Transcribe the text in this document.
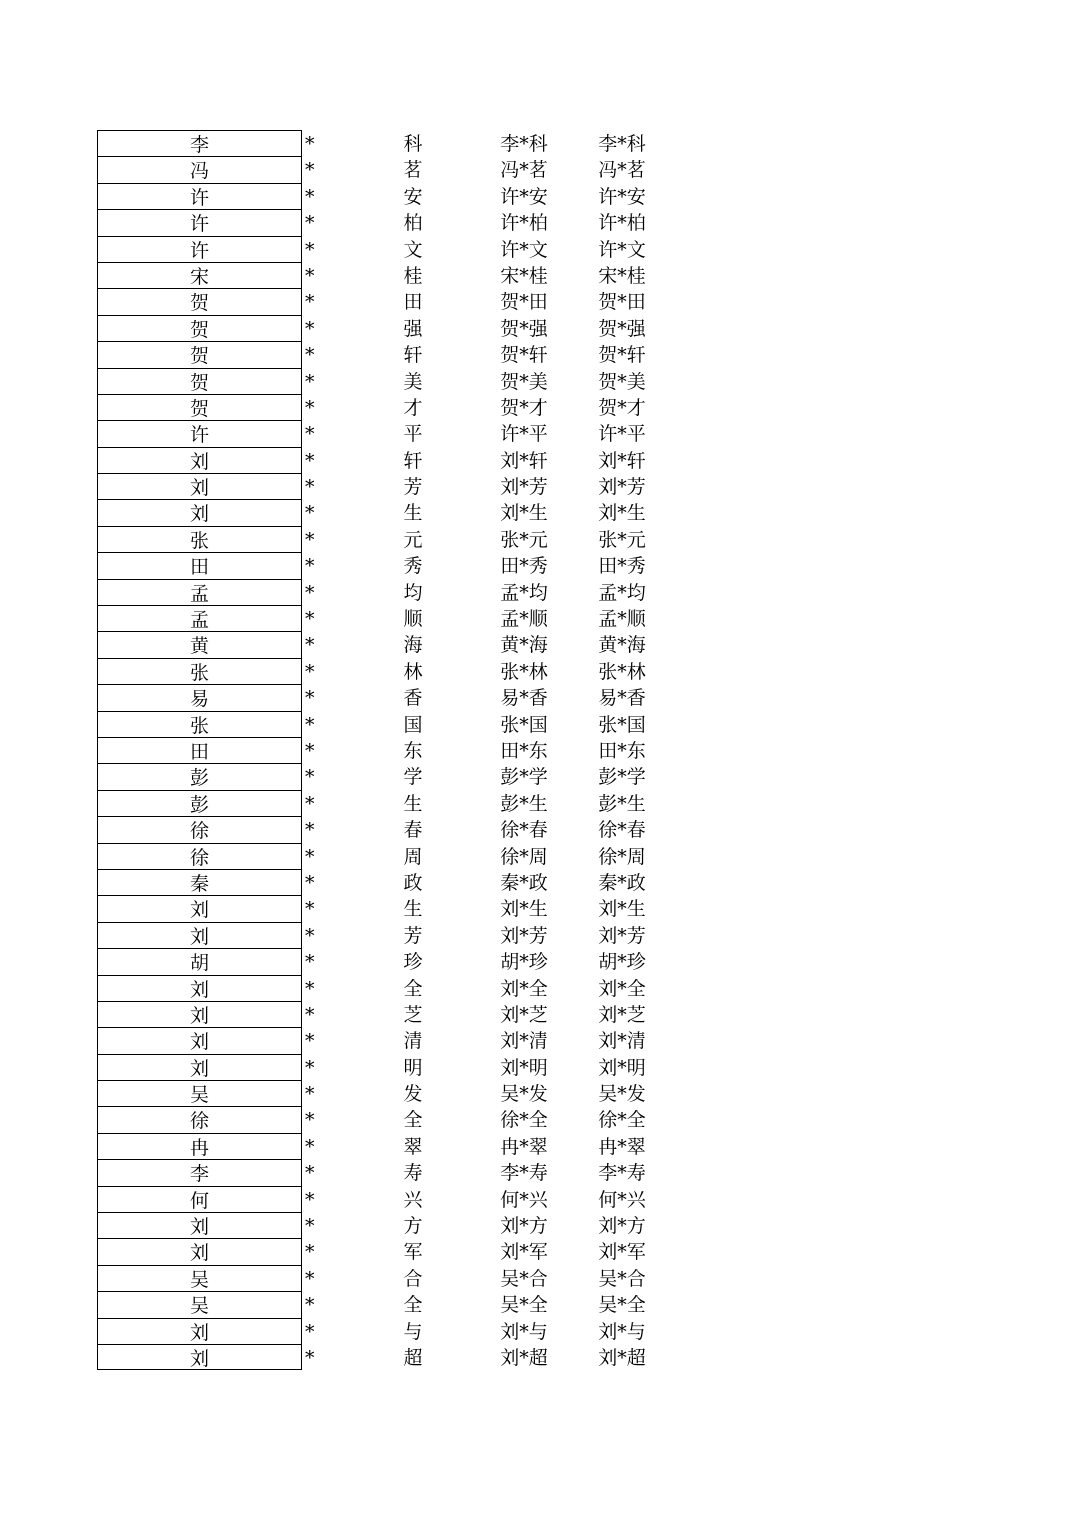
李	*	科	李*科	李*科
冯	*	茗	冯*茗	冯*茗
许	*	安	许*安	许*安
许	*	柏	许*柏	许*柏
许	*	文	许*文	许*文
宋	*	桂	宋*桂	宋*桂
贺	*	田	贺*田	贺*田
贺	*	强	贺*强	贺*强
贺	*	轩	贺*轩	贺*轩
贺	*	美	贺*美	贺*美
贺	*	才	贺*才	贺*才
许	*	平	许*平	许*平
刘	*	轩	刘*轩	刘*轩
刘	*	芳	刘*芳	刘*芳
刘	*	生	刘*生	刘*生
张	*	元	张*元	张*元
田	*	秀	田*秀	田*秀
孟	*	均	孟*均	孟*均
孟	*	顺	孟*顺	孟*顺
黄	*	海	黄*海	黄*海
张	*	林	张*林	张*林
易	*	香	易*香	易*香
张	*	国	张*国	张*国
田	*	东	田*东	田*东
彭	*	学	彭*学	彭*学
彭	*	生	彭*生	彭*生
徐	*	春	徐*春	徐*春
徐	*	周	徐*周	徐*周
秦	*	政	秦*政	秦*政
刘	*	生	刘*生	刘*生
刘	*	芳	刘*芳	刘*芳
胡	*	珍	胡*珍	胡*珍
刘	*	全	刘*全	刘*全
刘	*	芝	刘*芝	刘*芝
刘	*	清	刘*清	刘*清
刘	*	明	刘*明	刘*明
吴	*	发	吴*发	吴*发
徐	*	全	徐*全	徐*全
冉	*	翠	冉*翠	冉*翠
李	*	寿	李*寿	李*寿
何	*	兴	何*兴	何*兴
刘	*	方	刘*方	刘*方
刘	*	军	刘*军	刘*军
吴	*	合	吴*合	吴*合
吴	*	全	吴*全	吴*全
刘	*	与	刘*与	刘*与
刘	*	超	刘*超	刘*超
